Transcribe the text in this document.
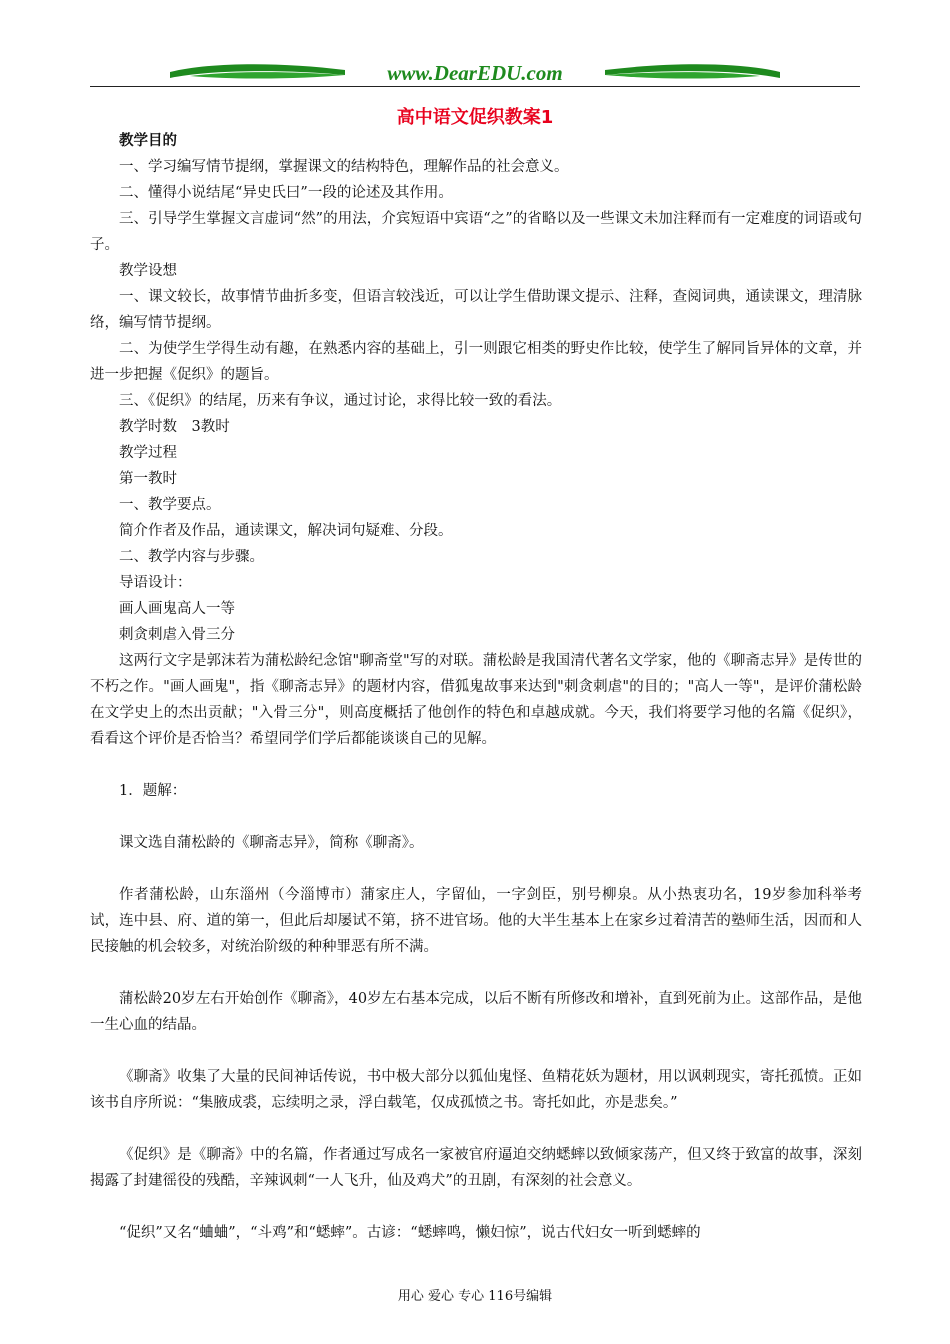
www.DearEDU.com
高中语文促织教案1

教学目的

一、学习编写情节提纲，掌握课文的结构特色，理解作品的社会意义。

二、懂得小说结尾“异史氏曰”一段的论述及其作用。

三、引导学生掌握文言虚词“然”的用法，介宾短语中宾语“之”的省略以及一些课文未加注释而有一定难度的词语或句子。

教学设想

一、课文较长，故事情节曲折多变，但语言较浅近，可以让学生借助课文提示、注释，查阅词典，通读课文，理清脉络，编写情节提纲。

二、为使学生学得生动有趣，在熟悉内容的基础上，引一则跟它相类的野史作比较，使学生了解同旨异体的文章，并进一步把握《促织》的题旨。

三、《促织》的结尾，历来有争议，通过讨论，求得比较一致的看法。

教学时数　3教时

教学过程

第一教时

一、教学要点。

简介作者及作品，通读课文，解决词句疑难、分段。

二、教学内容与步骤。

导语设计：

画人画鬼高人一等

刺贪刺虐入骨三分

这两行文字是郭沫若为蒲松龄纪念馆"聊斋堂"写的对联。蒲松龄是我国清代著名文学家，他的《聊斋志异》是传世的不朽之作。"画人画鬼"，指《聊斋志异》的题材内容，借狐鬼故事来达到"刺贪刺虐"的目的；"高人一等"，是评价蒲松龄在文学史上的杰出贡献；"入骨三分"，则高度概括了他创作的特色和卓越成就。今天，我们将要学习他的名篇《促织》，看看这个评价是否恰当？希望同学们学后都能谈谈自己的见解。

1．题解：

课文选自蒲松龄的《聊斋志异》，简称《聊斋》。

作者蒲松龄，山东淄州（今淄博市）蒲家庄人，字留仙，一字剑臣，别号柳泉。从小热衷功名，19岁参加科举考试，连中县、府、道的第一，但此后却屡试不第，挤不进官场。他的大半生基本上在家乡过着清苦的塾师生活，因而和人民接触的机会较多，对统治阶级的种种罪恶有所不满。

蒲松龄20岁左右开始创作《聊斋》，40岁左右基本完成，以后不断有所修改和增补，直到死前为止。这部作品，是他一生心血的结晶。

《聊斋》收集了大量的民间神话传说，书中极大部分以狐仙鬼怪、鱼精花妖为题材，用以讽刺现实，寄托孤愤。正如该书自序所说：“集腋成裘，忘续明之录，浮白载笔，仅成孤愤之书。寄托如此，亦是悲矣。”

《促织》是《聊斋》中的名篇，作者通过写成名一家被官府逼迫交纳蟋蟀以致倾家荡产，但又终于致富的故事，深刻揭露了封建徭役的残酷，辛辣讽刺“一人飞升，仙及鸡犬”的丑剧，有深刻的社会意义。

“促织”又名“蛐蛐”，“斗鸡”和“蟋蟀”。古谚：“蟋蟀鸣，懒妇惊”，说古代妇女一听到蟋蟀的

用心 爱心 专心 116号编辑
